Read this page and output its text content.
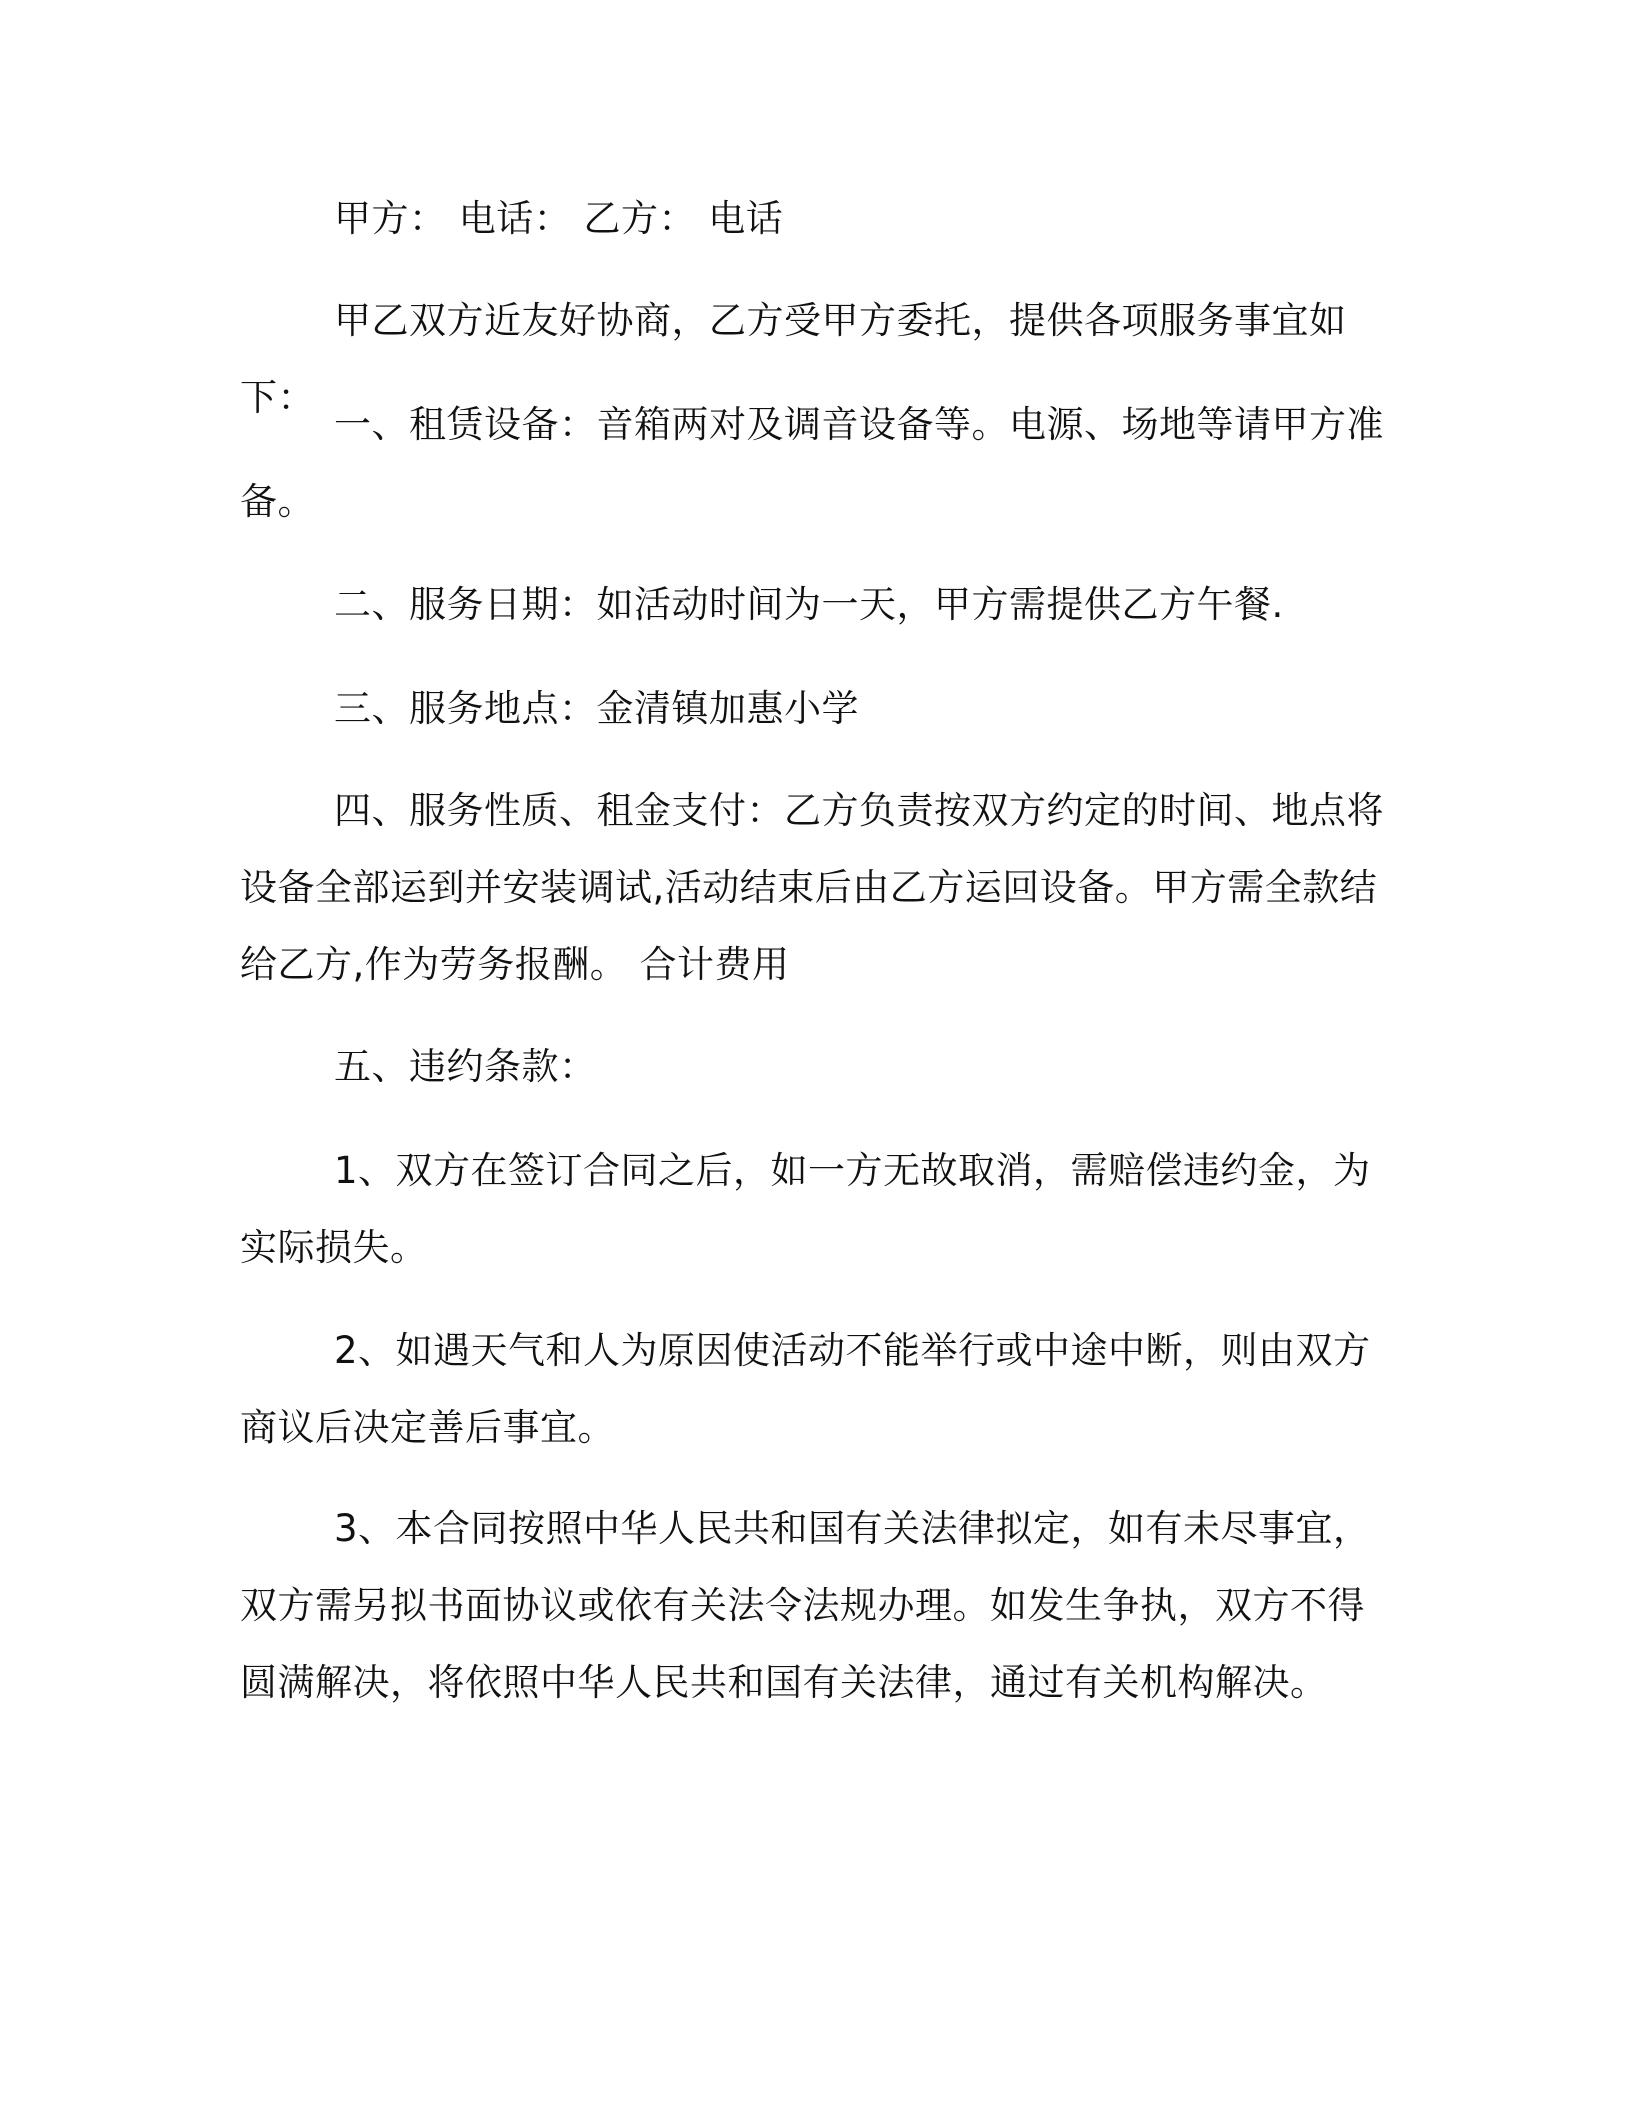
甲方： 电话： 乙方： 电话

甲乙双方近友好协商，乙方受甲方委托，提供各项服务事宜如下：

一、租赁设备：音箱两对及调音设备等。电源、场地等请甲方准备。

二、服务日期：如活动时间为一天，甲方需提供乙方午餐.

三、服务地点：金清镇加惠小学

四、服务性质、租金支付：乙方负责按双方约定的时间、地点将设备全部运到并安装调试,活动结束后由乙方运回设备。甲方需全款结给乙方,作为劳务报酬。 合计费用

五、违约条款：

1、双方在签订合同之后，如一方无故取消，需赔偿违约金，为实际损失。

2、如遇天气和人为原因使活动不能举行或中途中断，则由双方商议后决定善后事宜。

3、本合同按照中华人民共和国有关法律拟定，如有未尽事宜，双方需另拟书面协议或依有关法令法规办理。如发生争执，双方不得圆满解决，将依照中华人民共和国有关法律，通过有关机构解决。
